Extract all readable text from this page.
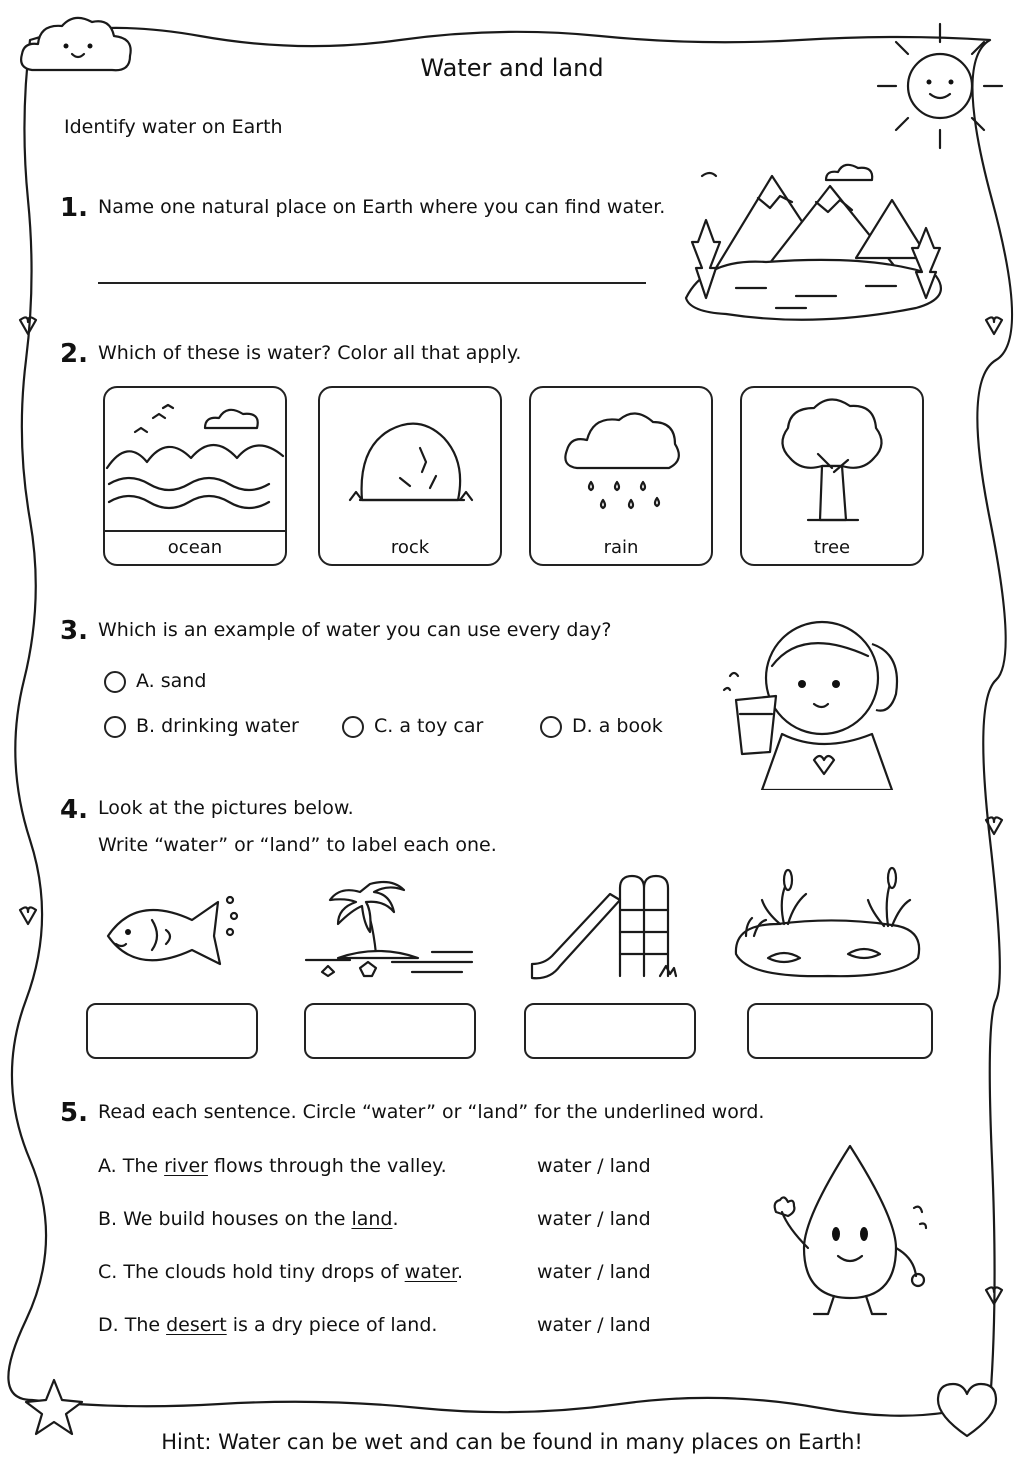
Water and land
Identify water on Earth
1. Name one natural place on Earth where you can find water.
2. Which of these is water? Color all that apply.
ocean	rock	rain	tree
3. Which is an example of water you can use every day?
A. sand
B. drinking water	C. a toy car	D. a book
4. Look at the pictures below.
Write “water” or “land” to label each one.
5. Read each sentence. Circle “water” or “land” for the underlined word.
A. The river flows through the valley.	water / land
B. We build houses on the land.	water / land
C. The clouds hold tiny drops of water.	water / land
D. The desert is a dry piece of land.	water / land
Hint: Water can be wet and can be found in many places on Earth!
